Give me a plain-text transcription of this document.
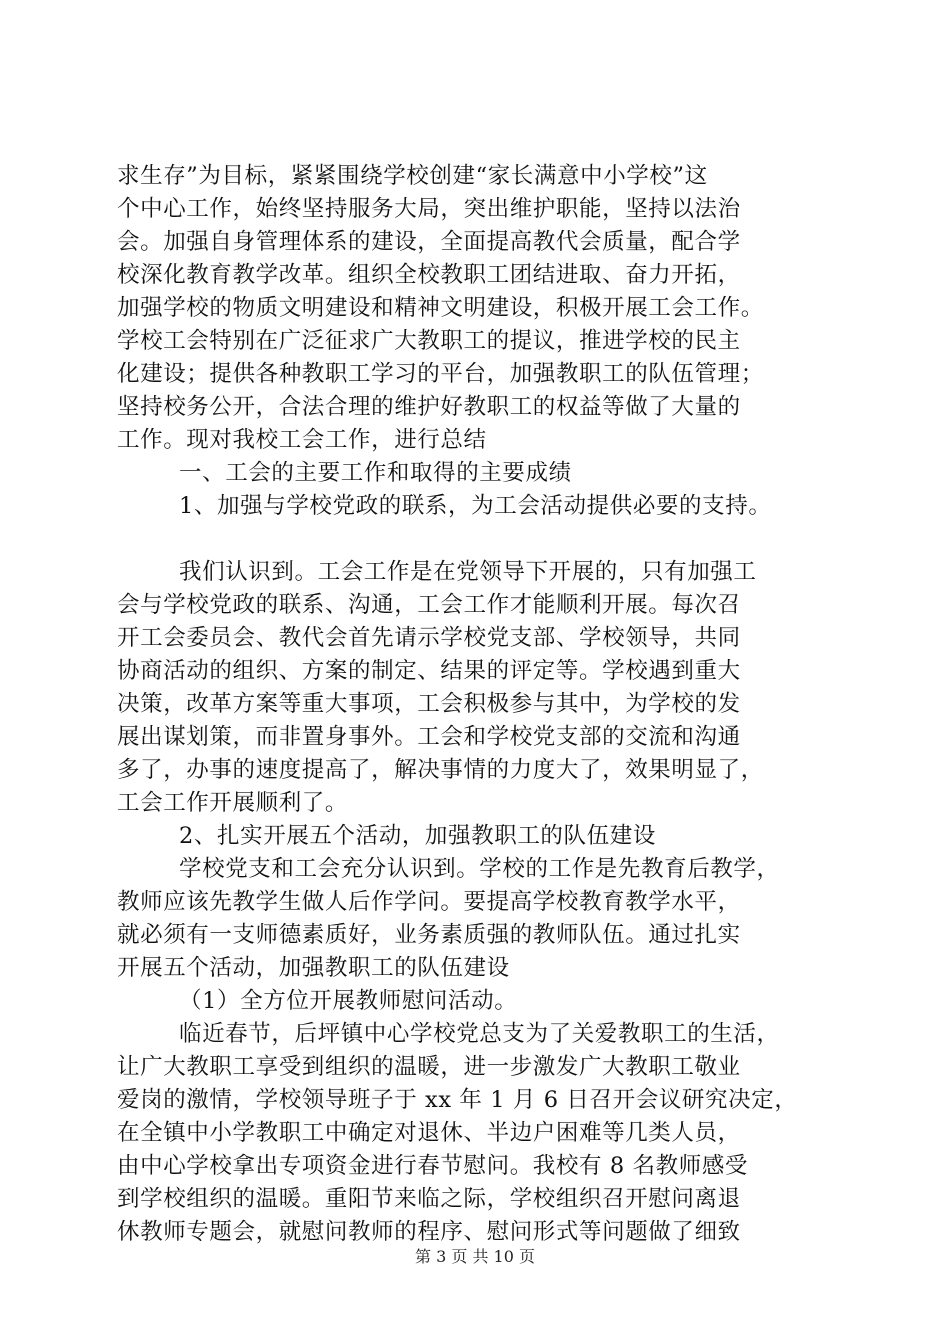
求生存”为目标，紧紧围绕学校创建“家长满意中小学校”这
个中心工作，始终坚持服务大局，突出维护职能，坚持以法治
会。加强自身管理体系的建设，全面提高教代会质量，配合学
校深化教育教学改革。组织全校教职工团结进取、奋力开拓，
加强学校的物质文明建设和精神文明建设，积极开展工会工作。
学校工会特别在广泛征求广大教职工的提议，推进学校的民主
化建设；提供各种教职工学习的平台，加强教职工的队伍管理；
坚持校务公开，合法合理的维护好教职工的权益等做了大量的
工作。现对我校工会工作，进行总结
一、工会的主要工作和取得的主要成绩
1、加强与学校党政的联系，为工会活动提供必要的支持。
我们认识到。工会工作是在党领导下开展的，只有加强工
会与学校党政的联系、沟通，工会工作才能顺利开展。每次召
开工会委员会、教代会首先请示学校党支部、学校领导，共同
协商活动的组织、方案的制定、结果的评定等。学校遇到重大
决策，改革方案等重大事项，工会积极参与其中，为学校的发
展出谋划策，而非置身事外。工会和学校党支部的交流和沟通
多了，办事的速度提高了，解决事情的力度大了，效果明显了，
工会工作开展顺利了。
2、扎实开展五个活动，加强教职工的队伍建设
学校党支和工会充分认识到。学校的工作是先教育后教学，
教师应该先教学生做人后作学问。要提高学校教育教学水平，
就必须有一支师德素质好，业务素质强的教师队伍。通过扎实
开展五个活动，加强教职工的队伍建设
（1）全方位开展教师慰问活动。
临近春节，后坪镇中心学校党总支为了关爱教职工的生活，
让广大教职工享受到组织的温暖，进一步激发广大教职工敬业
爱岗的激情，学校领导班子于 xx 年 1 月 6 日召开会议研究决定，
在全镇中小学教职工中确定对退休、半边户困难等几类人员，
由中心学校拿出专项资金进行春节慰问。我校有 8 名教师感受
到学校组织的温暖。重阳节来临之际，学校组织召开慰问离退
休教师专题会，就慰问教师的程序、慰问形式等问题做了细致
第 3 页 共 10 页
